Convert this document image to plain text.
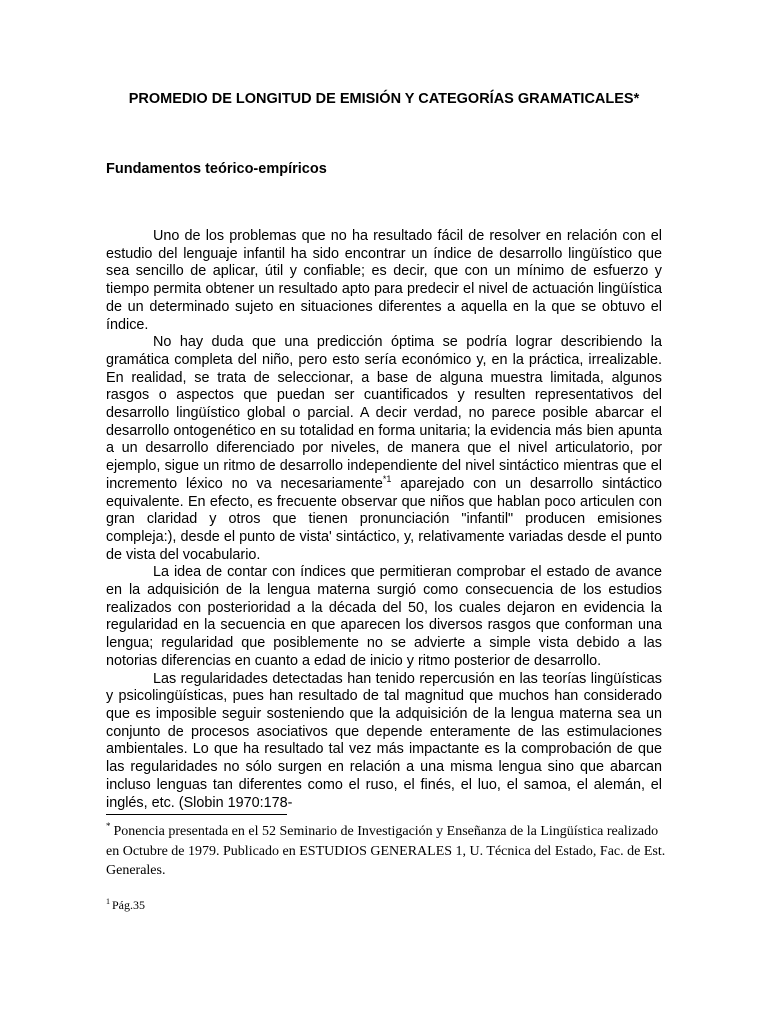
PROMEDIO DE LONGITUD DE EMISIÓN Y CATEGORÍAS GRAMATICALES*
Fundamentos teórico-empíricos

Uno de los problemas que no ha resultado fácil de resolver en relación con el estudio del lenguaje infantil ha sido encontrar un índice de desarrollo lingüístico que sea sencillo de aplicar, útil y confiable; es decir, que con un mínimo de esfuerzo y tiempo permita obtener un resultado apto para predecir el nivel de actuación lingüística de un determinado sujeto en situaciones diferentes a aquella en la que se obtuvo el índice.

No hay duda que una predicción óptima se podría lograr describiendo la gramática completa del niño, pero esto sería económico y, en la práctica, irrealizable. En realidad, se trata de seleccionar, a base de alguna muestra limitada, algunos rasgos o aspectos que puedan ser cuantificados y resulten representativos del desarrollo lingüístico global o parcial. A decir verdad, no parece posible abarcar el desarrollo ontogenético en su totalidad en forma unitaria; la evidencia más bien apunta a un desarrollo diferenciado por niveles, de manera que el nivel articulatorio, por ejemplo, sigue un ritmo de desarrollo independiente del nivel sintáctico mientras que el incremento léxico no va necesariamente$^{*1}$ aparejado con un desarrollo sintáctico equivalente. En efecto, es frecuente observar que niños que hablan poco articulen con gran claridad y otros que tienen pronunciación "infantil" producen emisiones compleja:), desde el punto de vista' sintáctico, y, relativamente variadas desde el punto de vista del vocabulario.

La idea de contar con índices que permitieran comprobar el estado de avance en la adquisición de la lengua materna surgió como consecuencia de los estudios realizados con posterioridad a la década del 50, los cuales dejaron en evidencia la regularidad en la secuencia en que aparecen los diversos rasgos que conforman una lengua; regularidad que posiblemente no se advierte a simple vista debido a las notorias diferencias en cuanto a edad de inicio y ritmo posterior de desarrollo.

Las regularidades detectadas han tenido repercusión en las teorías lingüísticas y psicolingüísticas, pues han resultado de tal magnitud que muchos han considerado que es imposible seguir sosteniendo que la adquisición de la lengua materna sea un conjunto de procesos asociativos que depende enteramente de las estimulaciones ambientales. Lo que ha resultado tal vez más impactante es la comprobación de que las regularidades no sólo surgen en relación a una misma lengua sino que abarcan incluso lenguas tan diferentes como el ruso, el finés, el luo, el samoa, el alemán, el inglés, etc. (Slobin 1970:178-

* Ponencia presentada en el 52 Seminario de Investigación y Enseñanza de la Lingüística realizado en Octubre de 1979. Publicado en ESTUDIOS GENERALES 1, U. Técnica del Estado, Fac. de Est. Generales.

$^1$ Pág.35
